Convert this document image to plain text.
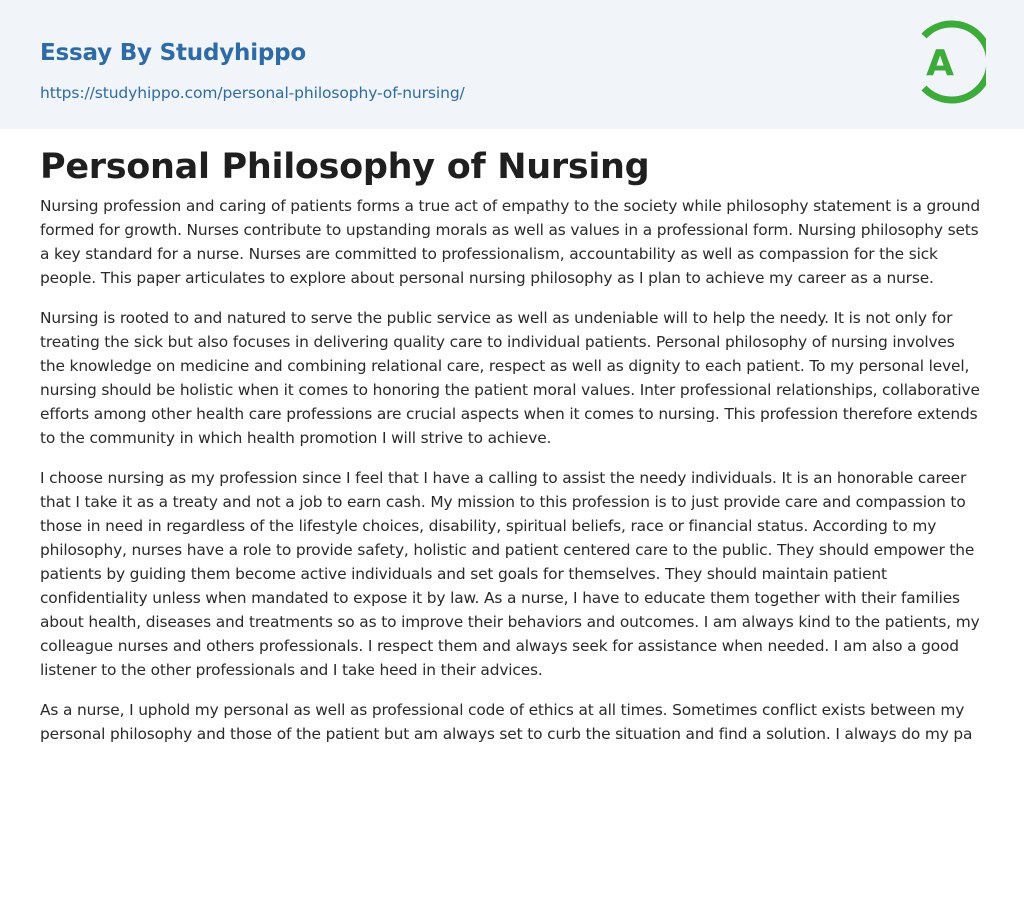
Essay By Studyhippo
https://studyhippo.com/personal-philosophy-of-nursing/
A
Personal Philosophy of Nursing

Nursing profession and caring of patients forms a true act of empathy to the society while philosophy statement is a ground formed for growth. Nurses contribute to upstanding morals as well as values in a professional form. Nursing philosophy sets a key standard for a nurse. Nurses are committed to professionalism, accountability as well as compassion for the sick people. This paper articulates to explore about personal nursing philosophy as I plan to achieve my career as a nurse.

Nursing is rooted to and natured to serve the public service as well as undeniable will to help the needy. It is not only for treating the sick but also focuses in delivering quality care to individual patients. Personal philosophy of nursing involves the knowledge on medicine and combining relational care, respect as well as dignity to each patient. To my personal level, nursing should be holistic when it comes to honoring the patient moral values. Inter professional relationships, collaborative efforts among other health care professions are crucial aspects when it comes to nursing. This profession therefore extends to the community in which health promotion I will strive to achieve.

I choose nursing as my profession since I feel that I have a calling to assist the needy individuals. It is an honorable career that I take it as a treaty and not a job to earn cash. My mission to this profession is to just provide care and compassion to those in need in regardless of the lifestyle choices, disability, spiritual beliefs, race or financial status. According to my philosophy, nurses have a role to provide safety, holistic and patient centered care to the public. They should empower the patients by guiding them become active individuals and set goals for themselves. They should maintain patient confidentiality unless when mandated to expose it by law. As a nurse, I have to educate them together with their families about health, diseases and treatments so as to improve their behaviors and outcomes. I am always kind to the patients, my colleague nurses and others professionals. I respect them and always seek for assistance when needed. I am also a good listener to the other professionals and I take heed in their advices.

As a nurse, I uphold my personal as well as professional code of ethics at all times. Sometimes conflict exists between my personal philosophy and those of the patient but am always set to curb the situation and find a solution. I always do my pa
